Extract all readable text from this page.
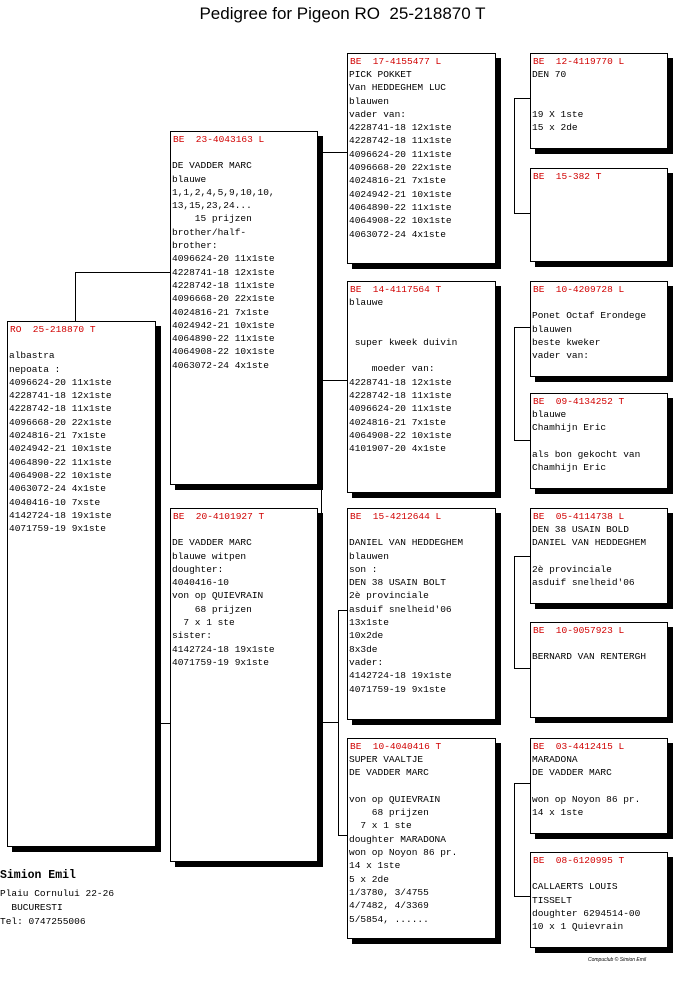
Pedigree for Pigeon RO  25-218870 T
RO  25-218870 T
albastra
nepoata :
4096624-20 11x1ste
4228741-18 12x1ste
4228742-18 11x1ste
4096668-20 22x1ste
4024816-21 7x1ste
4024942-21 10x1ste
4064890-22 11x1ste
4064908-22 10x1ste
4063072-24 4x1ste
4040416-10 7xste
4142724-18 19x1ste
4071759-19 9x1ste
BE  23-4043163 L
DE VADDER MARC
blauwe
1,1,2,4,5,9,10,10,
13,15,23,24...
15 prijzen
brother/half-
brother:
4096624-20 11x1ste
4228741-18 12x1ste
4228742-18 11x1ste
4096668-20 22x1ste
4024816-21 7x1ste
4024942-21 10x1ste
4064890-22 11x1ste
4064908-22 10x1ste
4063072-24 4x1ste
BE  20-4101927 T
DE VADDER MARC
blauwe witpen
doughter:
4040416-10
von op QUIEVRAIN
68 prijzen
7 x 1 ste
sister:
4142724-18 19x1ste
4071759-19 9x1ste
BE  17-4155477 L
PICK POKKET
Van HEDDEGHEM LUC
blauwen
vader van:
4228741-18 12x1ste
4228742-18 11x1ste
4096624-20 11x1ste
4096668-20 22x1ste
4024816-21 7x1ste
4024942-21 10x1ste
4064890-22 11x1ste
4064908-22 10x1ste
4063072-24 4x1ste
BE  14-4117564 T
blauwe
super kweek duivin
moeder van:
4228741-18 12x1ste
4228742-18 11x1ste
4096624-20 11x1ste
4024816-21 7x1ste
4064908-22 10x1ste
4101907-20 4x1ste
BE  15-4212644 L
DANIEL VAN HEDDEGHEM
blauwen
son :
DEN 38 USAIN BOLT
2è provinciale
asduif snelheid'06
13x1ste
10x2de
8x3de
vader:
4142724-18 19x1ste
4071759-19 9x1ste
BE  10-4040416 T
SUPER VAALTJE
DE VADDER MARC
von op QUIEVRAIN
68 prijzen
7 x 1 ste
doughter MARADONA
won op Noyon 86 pr.
14 x 1ste
5 x 2de
1/3780, 3/4755
4/7482, 4/3369
5/5854, ......
BE  12-4119770 L
DEN 70
19 X 1ste
15 x 2de
BE  15-382 T
BE  10-4209728 L
Ponet Octaf Erondege
blauwen
beste kweker
vader van:
BE  09-4134252 T
blauwe
Chamhijn Eric
als bon gekocht van
Chamhijn Eric
BE  05-4114738 L
DEN 38 USAIN BOLD
DANIEL VAN HEDDEGHEM
2è provinciale
asduif snelheid'06
BE  10-9057923 L
BERNARD VAN RENTERGH
BE  03-4412415 L
MARADONA
DE VADDER MARC
won op Noyon 86 pr.
14 x 1ste
BE  08-6120995 T
CALLAERTS LOUIS
TISSELT
doughter 6294514-00
10 x 1 Quievrain
Simion Emil
Plaiu Cornului 22-26
BUCURESTI
Tel: 0747255006
Compuclub © Simion Emil
